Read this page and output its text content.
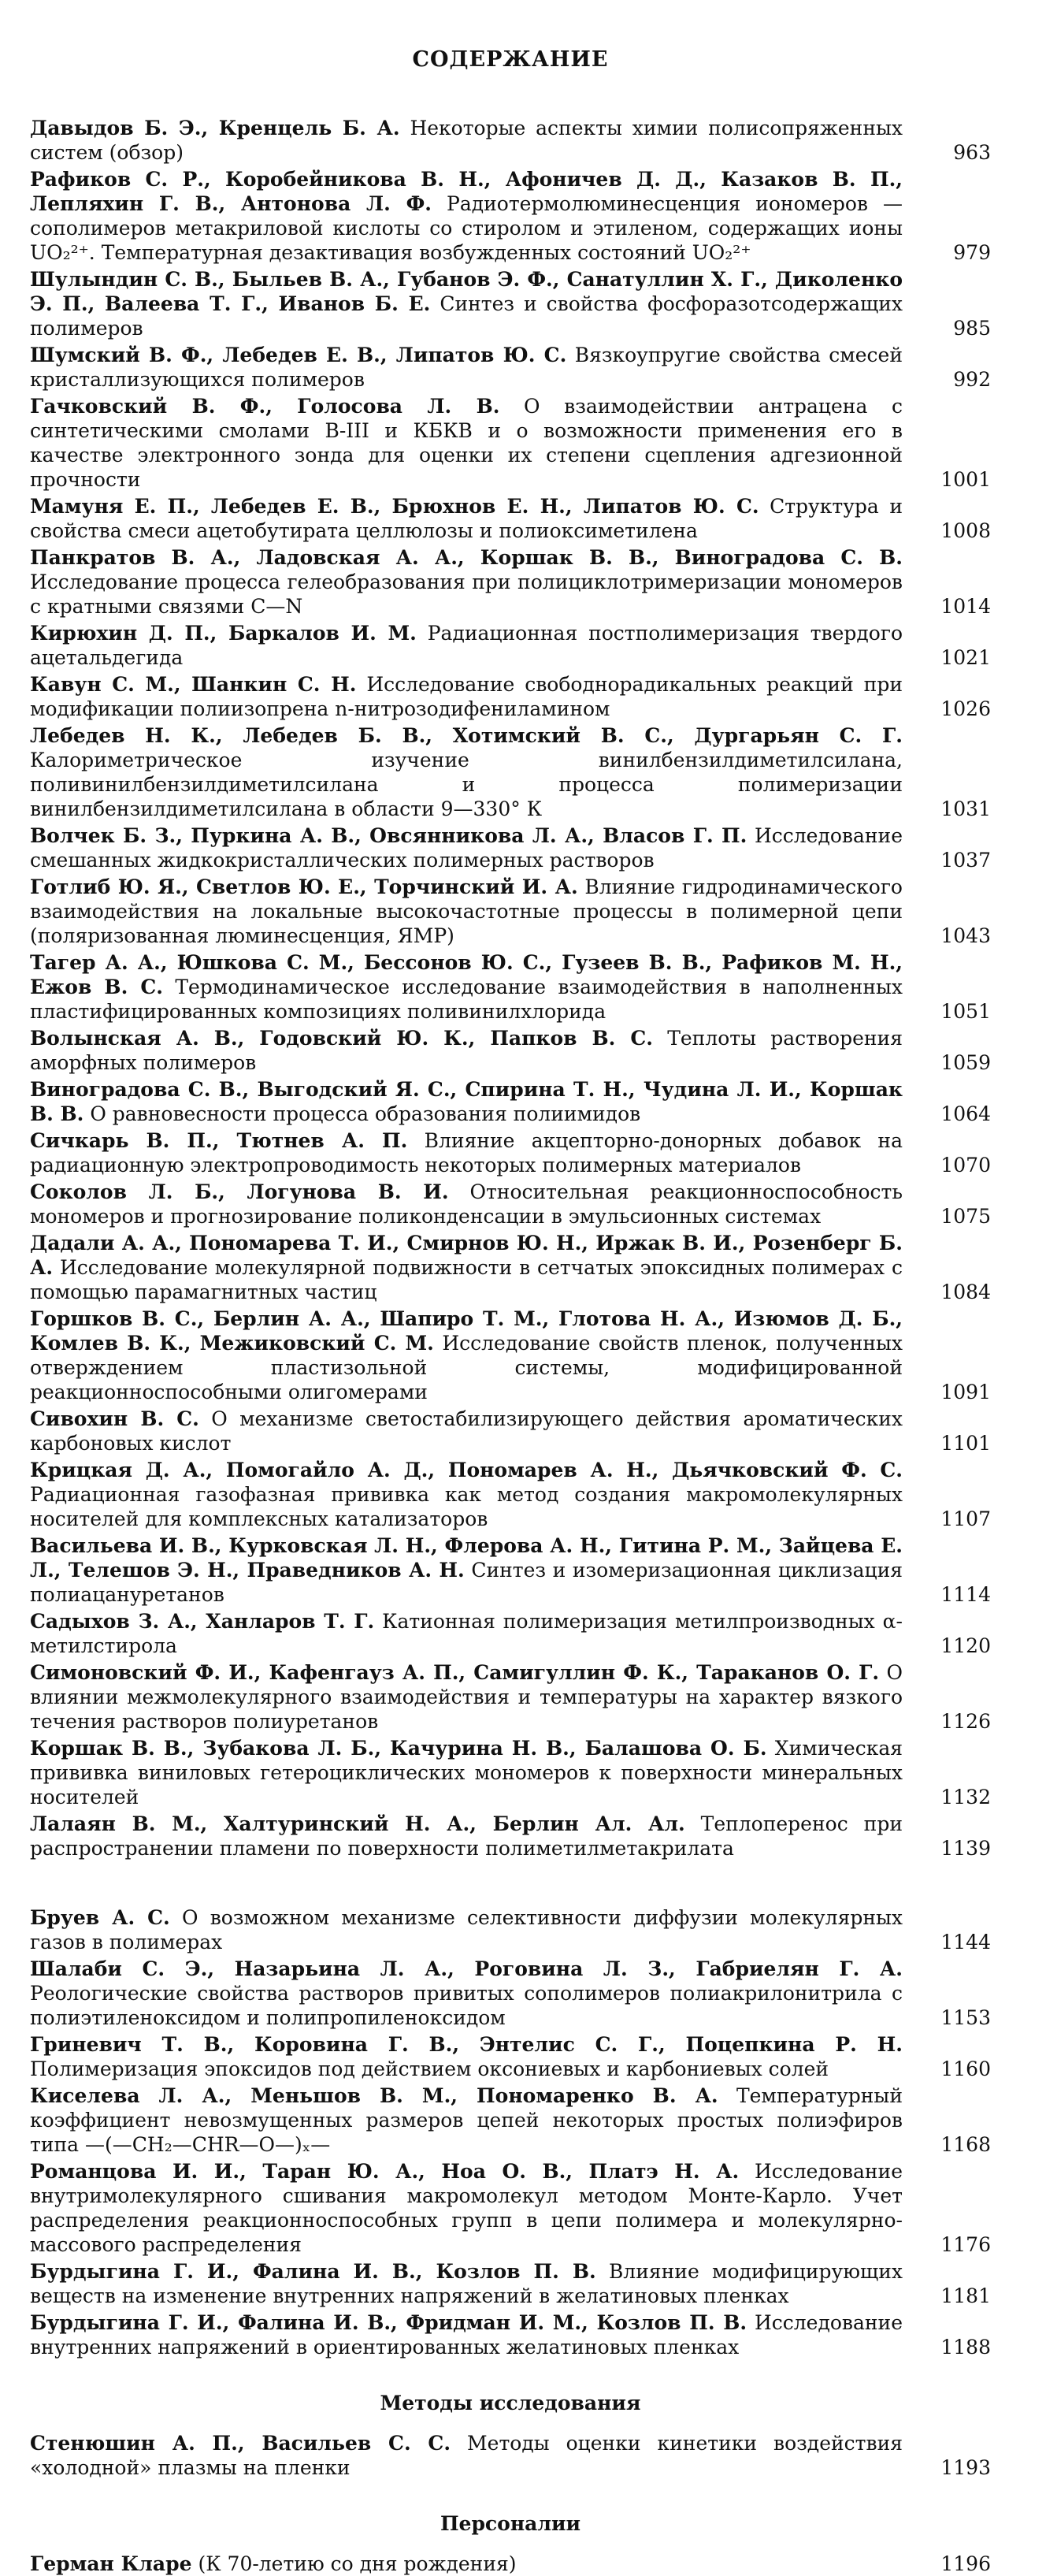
СОДЕРЖАНИЕ
Давыдов Б. Э., Кренцель Б. А. Некоторые аспекты химии полисопряженных систем (обзор)	963
Рафиков С. Р., Коробейникова В. Н., Афоничев Д. Д., Казаков В. П., Лепляхин Г. В., Антонова Л. Ф. Радиотермолюминесценция иономеров — сополимеров метакриловой кислоты со стиролом и этиленом, содержащих ионы UO₂²⁺. Температурная дезактивация возбужденных состояний UO₂²⁺	979
Шулындин С. В., Быльев В. А., Губанов Э. Ф., Санатуллин Х. Г., Диколенко Э. П., Валеева Т. Г., Иванов Б. Е. Синтез и свойства фосфоразотсодержащих полимеров	985
Шумский В. Ф., Лебедев Е. В., Липатов Ю. С. Вязкоупругие свойства смесей кристаллизующихся полимеров	992
Гачковский В. Ф., Голосова Л. В. О взаимодействии антрацена с синтетическими смолами В-III и КБКВ и о возможности применения его в качестве электронного зонда для оценки их степени сцепления адгезионной прочности	1001
Мамуня Е. П., Лебедев Е. В., Брюхнов Е. Н., Липатов Ю. С. Структура и свойства смеси ацетобутирата целлюлозы и полиоксиметилена	1008
Панкратов В. А., Ладовская А. А., Коршак В. В., Виноградова С. В. Исследование процесса гелеобразования при полициклотримеризации мономеров с кратными связями C—N	1014
Кирюхин Д. П., Баркалов И. М. Радиационная постполимеризация твердого ацетальдегида	1021
Кавун С. М., Шанкин С. Н. Исследование свободнорадикальных реакций при модификации полиизопрена n-нитрозодифениламином	1026
Лебедев Н. К., Лебедев Б. В., Хотимский В. С., Дургарьян С. Г. Калориметрическое изучение винилбензилдиметилсилана, поливинилбензилдиметилсилана и процесса полимеризации винилбензилдиметилсилана в области 9—330° К	1031
Волчек Б. З., Пуркина А. В., Овсянникова Л. А., Власов Г. П. Исследование смешанных жидкокристаллических полимерных растворов	1037
Готлиб Ю. Я., Светлов Ю. Е., Торчинский И. А. Влияние гидродинамического взаимодействия на локальные высокочастотные процессы в полимерной цепи (поляризованная люминесценция, ЯМР)	1043
Тагер А. А., Юшкова С. М., Бессонов Ю. С., Гузеев В. В., Рафиков М. Н., Ежов В. С. Термодинамическое исследование взаимодействия в наполненных пластифицированных композициях поливинилхлорида	1051
Волынская А. В., Годовский Ю. К., Папков В. С. Теплоты растворения аморфных полимеров	1059
Виноградова С. В., Выгодский Я. С., Спирина Т. Н., Чудина Л. И., Коршак В. В. О равновесности процесса образования полиимидов	1064
Сичкарь В. П., Тютнев А. П. Влияние акцепторно-донорных добавок на радиационную электропроводимость некоторых полимерных материалов	1070
Соколов Л. Б., Логунова В. И. Относительная реакционноспособность мономеров и прогнозирование поликонденсации в эмульсионных системах	1075
Дадали А. А., Пономарева Т. И., Смирнов Ю. Н., Иржак В. И., Розенберг Б. А. Исследование молекулярной подвижности в сетчатых эпоксидных полимерах с помощью парамагнитных частиц	1084
Горшков В. С., Берлин А. А., Шапиро Т. М., Глотова Н. А., Изюмов Д. Б., Комлев В. К., Межиковский С. М. Исследование свойств пленок, полученных отверждением пластизольной системы, модифицированной реакционноспособными олигомерами	1091
Сивохин В. С. О механизме светостабилизирующего действия ароматических карбоновых кислот	1101
Крицкая Д. А., Помогайло А. Д., Пономарев А. Н., Дьячковский Ф. С. Радиационная газофазная прививка как метод создания макромолекулярных носителей для комплексных катализаторов	1107
Васильева И. В., Курковская Л. Н., Флерова А. Н., Гитина Р. М., Зайцева Е. Л., Телешов Э. Н., Праведников А. Н. Синтез и изомеризационная циклизация полиацануретанов	1114
Садыхов З. А., Ханларов Т. Г. Катионная полимеризация метилпроизводных α-метилстирола	1120
Симоновский Ф. И., Кафенгауз А. П., Самигуллин Ф. К., Тараканов О. Г. О влиянии межмолекулярного взаимодействия и температуры на характер вязкого течения растворов полиуретанов	1126
Коршак В. В., Зубакова Л. Б., Качурина Н. В., Балашова О. Б. Химическая прививка виниловых гетероциклических мономеров к поверхности минеральных носителей	1132
Лалаян В. М., Халтуринский Н. А., Берлин Ал. Ал. Теплоперенос при распространении пламени по поверхности полиметилметакрилата	1139
Бруев А. С. О возможном механизме селективности диффузии молекулярных газов в полимерах	1144
Шалаби С. Э., Назарьина Л. А., Роговина Л. З., Габриелян Г. А. Реологические свойства растворов привитых сополимеров полиакрилонитрила с полиэтиленоксидом и полипропиленоксидом	1153
Гриневич Т. В., Коровина Г. В., Энтелис С. Г., Поцепкина Р. Н. Полимеризация эпоксидов под действием оксониевых и карбониевых солей	1160
Киселева Л. А., Меньшов В. М., Пономаренко В. А. Температурный коэффициент невозмущенных размеров цепей некоторых простых полиэфиров типа —(—CH₂—CHR—O—)ₓ—	1168
Романцова И. И., Таран Ю. А., Ноа О. В., Платэ Н. А. Исследование внутримолекулярного сшивания макромолекул методом Монте-Карло. Учет распределения реакционноспособных групп в цепи полимера и молекулярно-массового распределения	1176
Бурдыгина Г. И., Фалина И. В., Козлов П. В. Влияние модифицирующих веществ на изменение внутренних напряжений в желатиновых пленках	1181
Бурдыгина Г. И., Фалина И. В., Фридман И. М., Козлов П. В. Исследование внутренних напряжений в ориентированных желатиновых пленках	1188
Методы исследования
Стенюшин А. П., Васильев С. С. Методы оценки кинетики воздействия «холодной» плазмы на пленки	1193
Персоналии
Герман Кларе (К 70-летию со дня рождения)	1196
